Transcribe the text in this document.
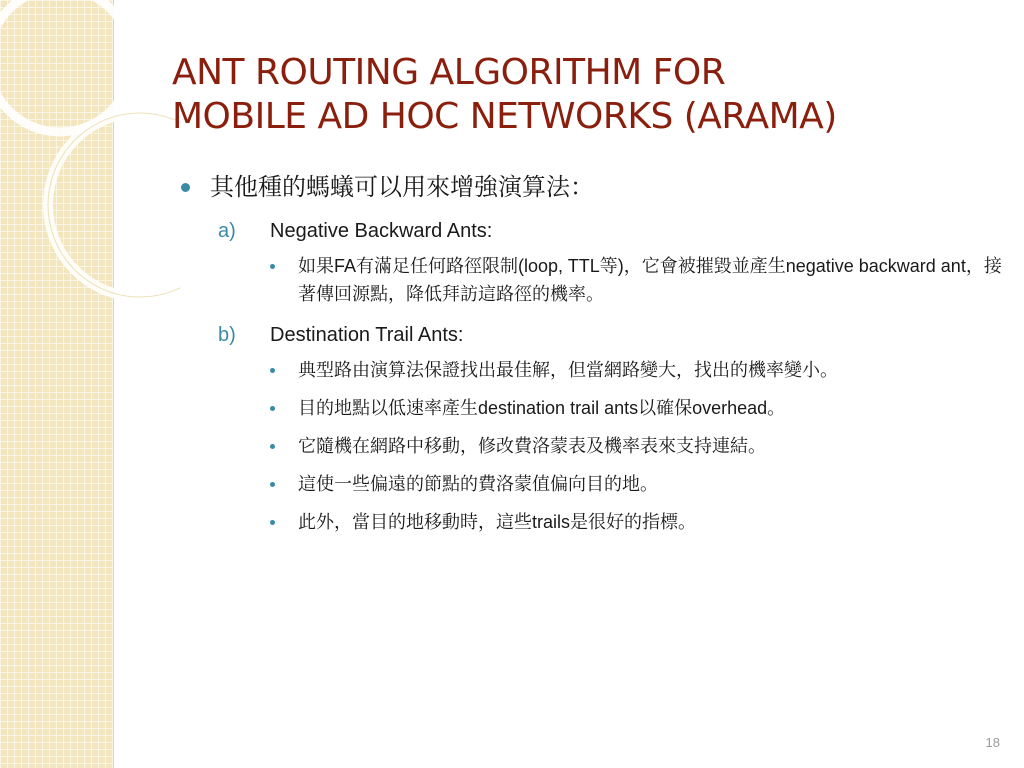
ANT ROUTING ALGORITHM FOR
MOBILE AD HOC NETWORKS (ARAMA)
其他種的螞蟻可以用來增強演算法：
a) Negative Backward Ants:
如果FA有滿足任何路徑限制(loop, TTL等)，它會被摧毀並產生negative backward ant，接著傳回源點，降低拜訪這路徑的機率。
b) Destination Trail Ants:
典型路由演算法保證找出最佳解，但當網路變大，找出的機率變小。
目的地點以低速率產生destination trail ants以確保overhead。
它隨機在網路中移動，修改費洛蒙表及機率表來支持連結。
這使一些偏遠的節點的費洛蒙值偏向目的地。
此外，當目的地移動時，這些trails是很好的指標。
18
